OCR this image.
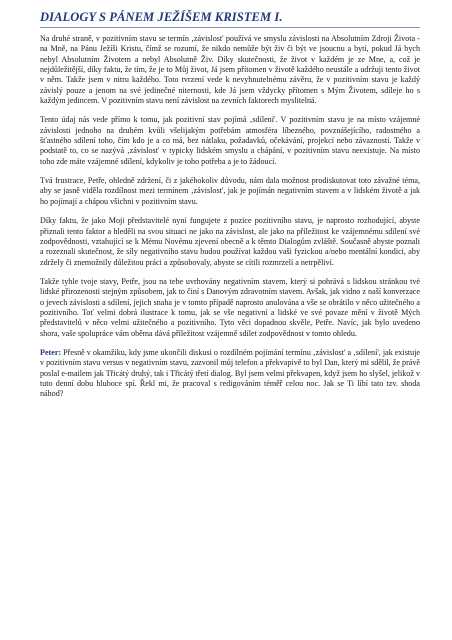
DIALOGY S PÁNEM JEŽÍŠEM KRISTEM I.

Na druhé straně, v pozitivním stavu se termín ‚závislost' používá ve smyslu závislosti na Absolutním Zdroji Života - na Mně, na Pánu Ježíši Kristu, čímž se rozumí, že nikdo nemůže být živ či být ve jsoucnu a bytí, pokud Já bych nebyl Absolutním Životem a nebyl Absolutně Živ. Díky skutečnosti, že život v každém je ze Mne, a, což je nejdůležitější, díky faktu, že tím, že je to Můj život, Já jsem přítomen v životě každého neustále a udržuji tento život v něm. Takže jsem v nitru každého. Toto tvrzení vede k nevyhnutelnému závěru, že v pozitivním stavu je každý závislý pouze a jenom na své jedinečné niternosti, kde Já jsem vždycky přítomen s Mým Životem, sdíleje ho s každým jedincem. V pozitivním stavu není závislost na zevních faktorech myslitelná.

Tento údaj nás vede přímo k tomu, jak pozitivní stav pojímá ‚sdílení'. V pozitivním stavu je na místo vzájemné závislosti jednoho na druhém kvůli všelijakým potřebám atmosféra líbezného, povznášejícího, radostného a šťastného sdílení toho, čím kdo je a co má, bez nátlaku, požadavků, očekávání, projekcí nebo závazností. Takže v podstatě to, co se nazývá ‚závislost' v typicky lidském smyslu a chápání, v pozitivním stavu neexistuje. Na místo toho zde máte vzájemné sdílení, kdykoliv je toho potřeba a je to žádoucí.

Tvá frustrace, Petře, ohledně zdržení, či z jakéhokoliv důvodu, nám dala možnost prodiskutovat toto závažné téma, aby se jasně viděla rozdílnost mezi termínem ‚závislost', jak je pojímán negativním stavem a v lidském životě a jak ho pojímají a chápou všichni v pozitivním stavu.

Díky faktu, že jako Moji představitelé nyní fungujete z pozice pozitivního stavu, je naprosto rozhodující, abyste přiznali tento faktor a hleděli na svou situaci ne jako na závislost, ale jako na příležitost ke vzájemnému sdílení své zodpovědnosti, vztahující se k Mému Novému zjevení obecně a k těmto Dialogům zvláště. Současně abyste poznali a rozeznali skutečnost, že síly negativního stavu budou používat každou vaši fyzickou a/nebo mentální kondici, aby zdržely či znemožnily důležitou práci a způsobovaly, abyste se cítili rozmrzelí a netrpěliví.

Takže tyhle tvoje stavy, Petře, jsou na tebe uvrhovány negativním stavem, který si pohrává s lidskou stránkou tvé lidské přirozenosti stejným způsobem, jak to činí s Danovým zdravotním stavem. Avšak, jak vidno z naší konverzace o jevech závislosti a sdílení, jejich snaha je v tomto případě naprosto anulována a vše se obrátilo v něco užitečného a pozitivního. Toť velmi dobrá ilustrace k tomu, jak se vše negativní a lidské ve své povaze mění v životě Mých představitelů v něco velmi užitečného a pozitivního. Tyto věci dopadnou skvěle, Petře. Navíc, jak bylo uvedeno shora, vaše spolupráce vám oběma dává příležitost vzájemně sdílet zodpovědnost v tomto ohledu.

Peter: Přesně v okamžiku, kdy jsme ukončili diskusi o rozdílném pojímání termínu ‚závislost' a ‚sdílení', jak existuje v pozitivním stavu versus v negativním stavu, zazvonil můj telefon a překvapivě to byl Dan, který mi sdělil, že právě poslal e-mailem jak Třicátý druhý, tak i Třicátý třetí dialog. Byl jsem velmi překvapen, když jsem ho slyšel, jelikož v tuto denní dobu hluboce spí. Řekl mi, že pracoval s redigováním téměř celou noc. Jak se Ti líbí tato tzv. shoda náhod?
